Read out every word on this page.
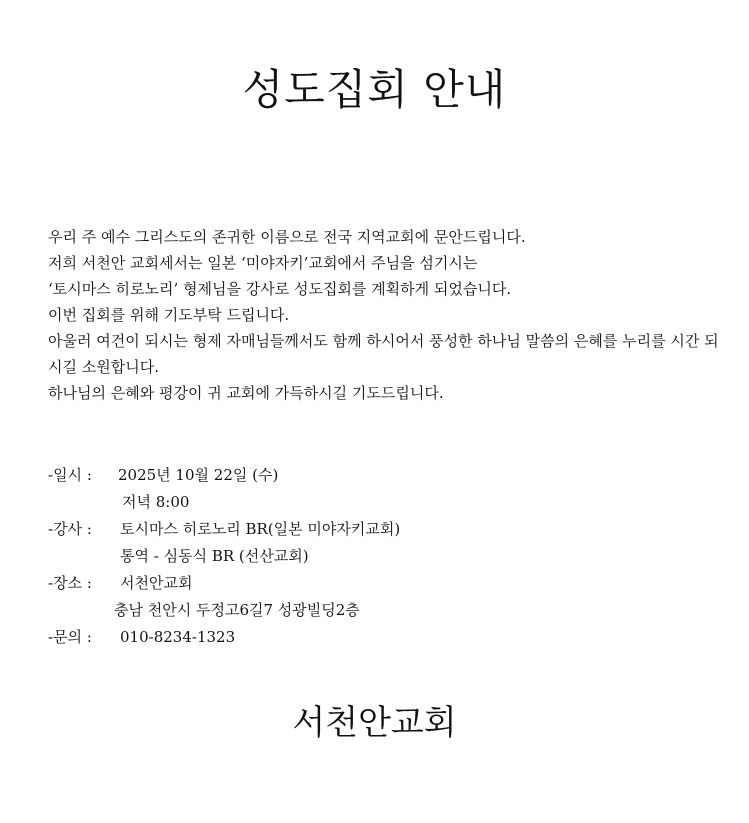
성도집회 안내

우리 주 예수 그리스도의 존귀한 이름으로 전국 지역교회에 문안드립니다.

저희 서천안 교회세서는 일본 ‘미야자키’교회에서 주님을 섬기시는

‘토시마스 히로노리’ 형제님을 강사로 성도집회를 계획하게 되었습니다.

이번 집회를 위해 기도부탁 드립니다.

아울러 여건이 되시는 형제 자매님들께서도 함께 하시어서 풍성한 하나님 말씀의 은혜를 누리를 시간 되시길 소원합니다.

하나님의 은혜와 평강이 귀 교회에 가득하시길 기도드립니다.

-일시 : 2025년 10월 22일 (수)
저녁 8:00
-강사 : 토시마스 히로노리 BR(일본 미야자키교회)
통역 - 심동식 BR (선산교회)
-장소 : 서천안교회
충남 천안시 두정고6길7 성광빌딩2층
-문의 : 010-8234-1323
서천안교회
